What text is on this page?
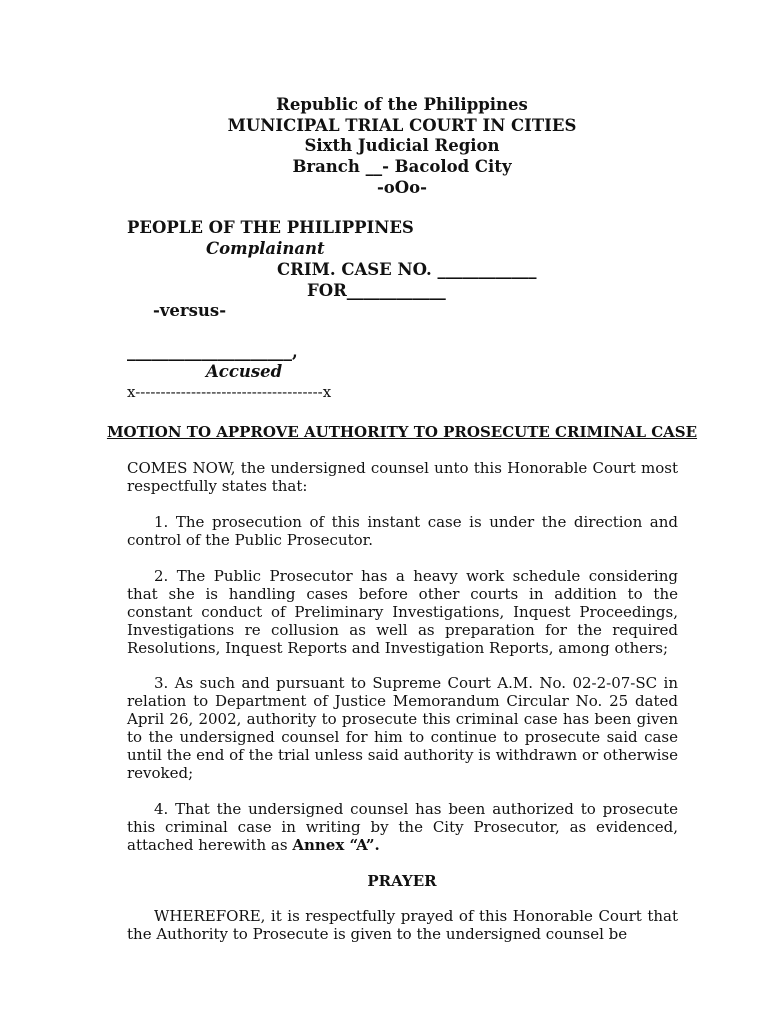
Republic of the Philippines
MUNICIPAL TRIAL COURT IN CITIES
Sixth Judicial Region
Branch __- Bacolod City
-oOo-
PEOPLE OF THE PHILIPPINES
Complainant
CRIM. CASE NO. ____________
FOR____________
-versus-
____________________,
Accused
x-------------------------------------x
MOTION TO APPROVE AUTHORITY TO PROSECUTE CRIMINAL CASE
COMES NOW, the undersigned counsel unto this Honorable Court most respectfully states that:
1. The prosecution of this instant case is under the direction and control of the Public Prosecutor.
2. The Public Prosecutor has a heavy work schedule considering that she is handling cases before other courts in addition to the constant conduct of Preliminary Investigations, Inquest Proceedings, Investigations re collusion as well as preparation for the required Resolutions, Inquest Reports and Investigation Reports, among others;
3. As such and pursuant to Supreme Court A.M. No. 02-2-07-SC in relation to Department of Justice Memorandum Circular No. 25 dated April 26, 2002, authority to prosecute this criminal case has been given to the undersigned counsel for him to continue to prosecute said case until the end of the trial unless said authority is withdrawn or otherwise revoked;
4. That the undersigned counsel has been authorized to prosecute this criminal case in writing by the City Prosecutor, as evidenced, attached herewith as Annex “A”.
PRAYER
WHEREFORE, it is respectfully prayed of this Honorable Court that the Authority to Prosecute is given to the undersigned counsel be
